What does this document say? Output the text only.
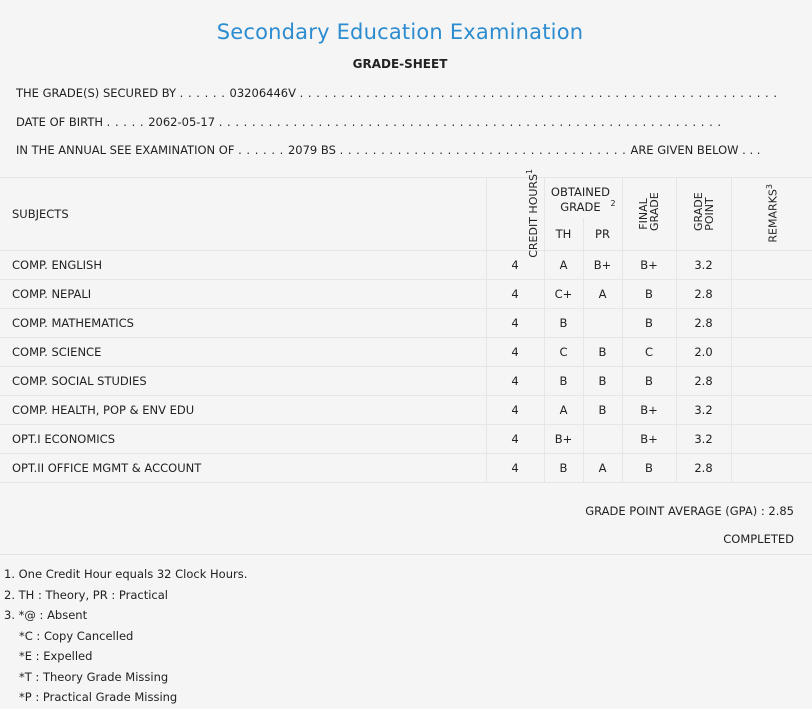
Secondary Education Examination
GRADE-SHEET
THE GRADE(S) SECURED BY . . . . . . 03206446V . . . . . . . . . . . . . . . . . . . . . . . . . . . . . . . . . . . . . . . . . . . . . . . . . . . . . . . . . .
DATE OF BIRTH . . . . . 2062-05-17 . . . . . . . . . . . . . . . . . . . . . . . . . . . . . . . . . . . . . . . . . . . . . . . . . . . . . . . . . . . . .
IN THE ANNUAL SEE EXAMINATION OF . . . . . . 2079 BS . . . . . . . . . . . . . . . . . . . . . . . . . . . . . . . . . . . ARE GIVEN BELOW . . .
SUBJECTS	CREDIT HOURS$^1$	OBTAINED GRADE $^2$		FINAL GRADE	GRADE POINT	REMARKS$^3$
		TH	PR			
COMP. ENGLISH	4	A	B+	B+	3.2	
COMP. NEPALI	4	C+	A	B	2.8	
COMP. MATHEMATICS	4	B		B	2.8	
COMP. SCIENCE	4	C	B	C	2.0	
COMP. SOCIAL STUDIES	4	B	B	B	2.8	
COMP. HEALTH, POP & ENV EDU	4	A	B	B+	3.2	
OPT.I ECONOMICS	4	B+		B+	3.2	
OPT.II OFFICE MGMT & ACCOUNT	4	B	A	B	2.8	
GRADE POINT AVERAGE (GPA) : 2.85
COMPLETED
1. One Credit Hour equals 32 Clock Hours.
2. TH : Theory, PR : Practical
3. *@ : Absent
*C : Copy Cancelled
*E : Expelled
*T : Theory Grade Missing
*P : Practical Grade Missing
